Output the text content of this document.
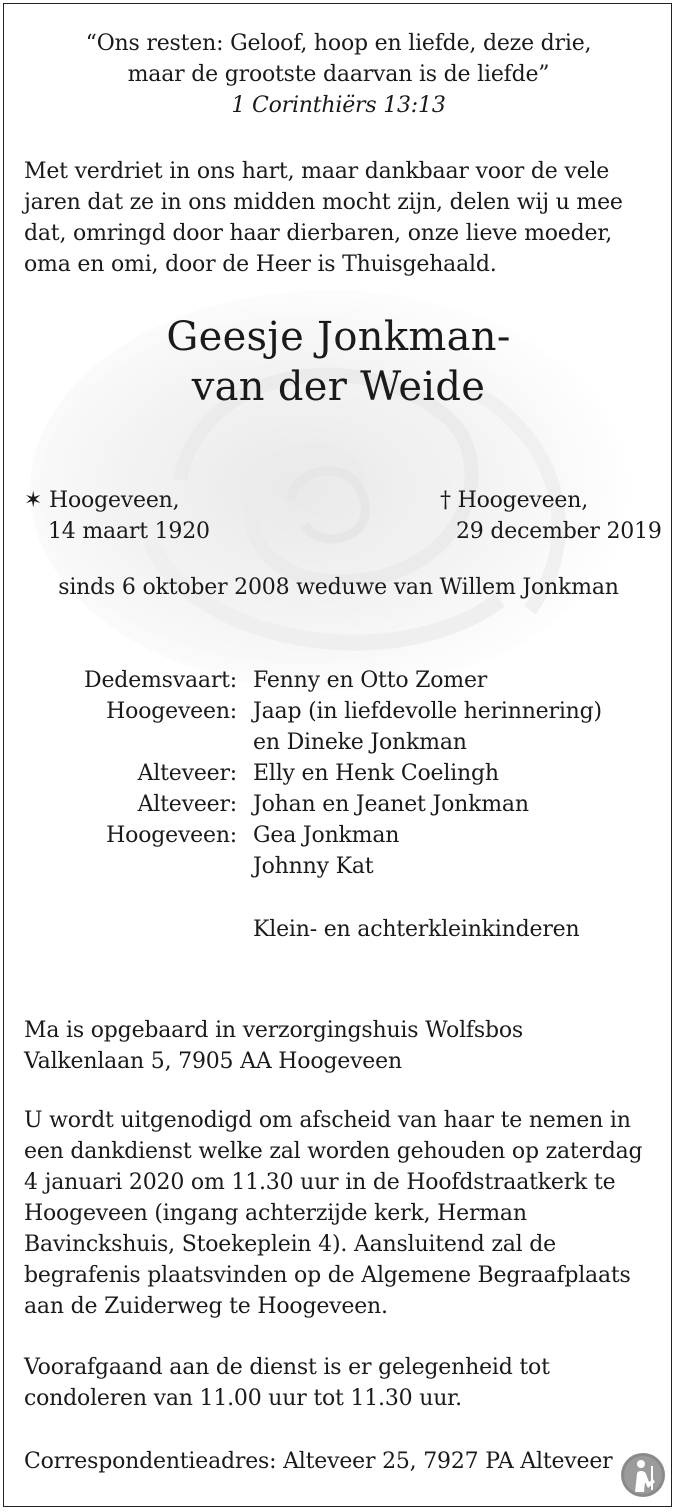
“Ons resten: Geloof, hoop en liefde, deze drie,
maar de grootste daarvan is de liefde”
1 Corinthiërs 13:13
Met verdriet in ons hart, maar dankbaar voor de vele
jaren dat ze in ons midden mocht zijn, delen wij u mee
dat, omringd door haar dierbaren, onze lieve moeder,
oma en omi, door de Heer is Thuisgehaald.
Geesje Jonkman-
van der Weide
✶ Hoogeveen,
14 maart 1920
† Hoogeveen,
29 december 2019
sinds 6 oktober 2008 weduwe van Willem Jonkman
Dedemsvaart: Fenny en Otto Zomer
Hoogeveen: Jaap (in liefdevolle herinnering)
en Dineke Jonkman
Alteveer: Elly en Henk Coelingh
Alteveer: Johan en Jeanet Jonkman
Hoogeveen: Gea Jonkman
Johnny Kat
Klein- en achterkleinkinderen
Ma is opgebaard in verzorgingshuis Wolfsbos
Valkenlaan 5, 7905 AA Hoogeveen
U wordt uitgenodigd om afscheid van haar te nemen in
een dankdienst welke zal worden gehouden op zaterdag
4 januari 2020 om 11.30 uur in de Hoofdstraatkerk te
Hoogeveen (ingang achterzijde kerk, Herman
Bavinckshuis, Stoekeplein 4). Aansluitend zal de
begrafenis plaatsvinden op de Algemene Begraafplaats
aan de Zuiderweg te Hoogeveen.
Voorafgaand aan de dienst is er gelegenheid tot
condoleren van 11.00 uur tot 11.30 uur.
Correspondentieadres: Alteveer 25, 7927 PA Alteveer
